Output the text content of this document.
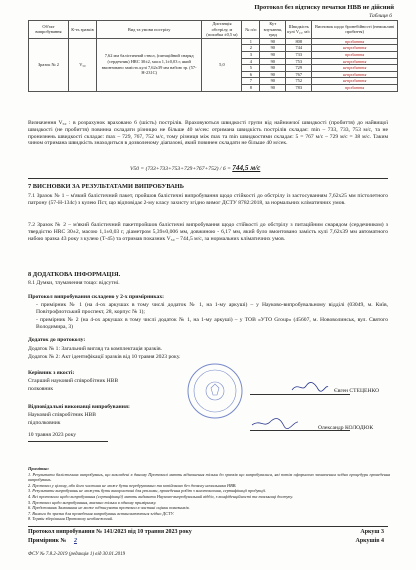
Протокол без відтиску печатки НВВ не дійсний
Таблиця 6
Об'єкт випробування	К-ть зразків	Вид та умови пострілу	Дистанція обстрілу, м (похибка ±0,5 м)	№ п/п	Кут влучання, град	Швидкість кулі V₁₅, м/с	Висновок щодо бронебійності (неможливі пробиття)
Зразок № 2	V₅₀	7,62 мм балістичний ствол, (питаційний снаряд (сердечник) HRC 30±2, маса 1,1±0,03 г, який вмонтовано замість кулі 7,62х39 мм набою зр. (57-Н-231С)	5,0	1	90	808	пробиття
				2	90	744	непробиття
				3	90	733	пробиття
				4	90	753	непробиття
				5	90	729	непробиття
				6	90	767	непробиття
				7	90	752	непробиття
				8	90	783	пробиття
Визначення V₅₀ : в розрахунок враховано 6 (шість) пострілів. Враховуються швидкості групи від найнижчої швидкості (пробиття) до найвищої швидкості (не пробиття) повинна складати різницю не більше 40 м/сек: отримана швидкість пострілів складає: min – 733, 733, 753 м/с, та не пронизнень швидкості складає: max – 729, 767, 752 м/с, тому різниця між max та min швидкостями складає: 5 = 767 м/с – 729 м/с = 38 м/с. Таким чином отримана швидкість знаходиться в дозволеному діапазоні, який повинен складати не більше 40 м/сек.
V50 = (733+733+753+729+767+752) / 6 = 744,5 м/с
7 ВИСНОВКИ ЗА РЕЗУЛЬТАТАМИ ВИПРОБУВАНЬ
7.1 Зразок № 1 – м'який балістичний пакет, пройшов балістичні випробування щодо стійкості до обстрілу із застосуванням 7,62х25 мм пістолетного патрону (57-Н-134с) з кулею Пст, що відповідає 2-му класу захисту згідно вимог ДСТУ 8782:2018, за нормальних кліматичних умов.
7.2 Зразок № 2 – м'який балістичний пакетпройшов балістичні випробування щодо стійкості до обстрілу з питаційним снарядом (сердечником) з твердістю HRC 30±2, масою 1,1±0,03 г, діаметром 5,39±0,006 мм, довжиною - 6,17 мм, який було вмонтовано замість кулі 7,62х39 мм автоматного набою зразка 43 року з кулею (Т-45) та отримав показник V₅₀ – 744,5 м/с, за нормальних кліматичних умов.
8 ДОДАТКОВА ІНФОРМАЦІЯ.
8.1 Думки, тлумачення тощо: відсутні.
Протокол випробування складено у 2-х примірниках:
- примірник № 1 (на 4-ох аркушах в тому числі додаток № 1, на 1-му аркуші) – у Науково-випробувальному відділі (03049, м. Київ, Повітрофлотський проспект, 28, корпус № 1);
- примірник № 2 (на 4-ох аркушах в тому числі додаток № 1, на 1-му аркуші) – у ТОВ «УТО Group» (45607, м. Нововолинськ, вул. Святого Володимира, 3)
Додаток до протоколу:
Додаток № 1: Загальний вигляд та комплектація зразків.
Додаток № 2: Акт ідентифікації зразків від 10 травня 2023 року.
Керівник з якості:
Старший науковий співробітник НВВ
полковник	Євген СТЕЦЕНКО
Відповідальні виконавці випробування:
Науковий співробітник НВВ
підполковник
Олександр КОЛОДЮК
10 травня 2023 року
Примітка:
1. Результати балістичних випробувань, що викладені в даному Протоколі мають відношення тільки до зразків що випробувалися, які потім оформлено зазначеним згідно процедури проведення випробувань.
2. Протокол у цілому, або його частина не може бути передруковано та копійовано без дозволу начальника НВВ.
3. Результати випробувань не можуть бути використані для реклами, проведення робіт з виготовлення, сертифікації продукції.
4. Всі протоколи щодо випробування (сертифікації) мають видавати Науково-випробувальний відділ, з конфіденційності та таємниці доступу.
5. Протокол щодо випробування, вказано тільки в одному примірнику.
6. Представник Замовника не може підписувати протокол в частині оцінки показників.
7. Вимоги до зразка для проведення випробувань встановлюються згідно ДСТУ.
8. Термін зберігання Протоколу необмежений.
Протокол випробування № 141/2023 від 10 травня 2023 року	Аркуш 3
Примірник № 2	Аркушів 4
ФСУ № 7.8.2-2019 (редакція 1) від 30.01.2019
